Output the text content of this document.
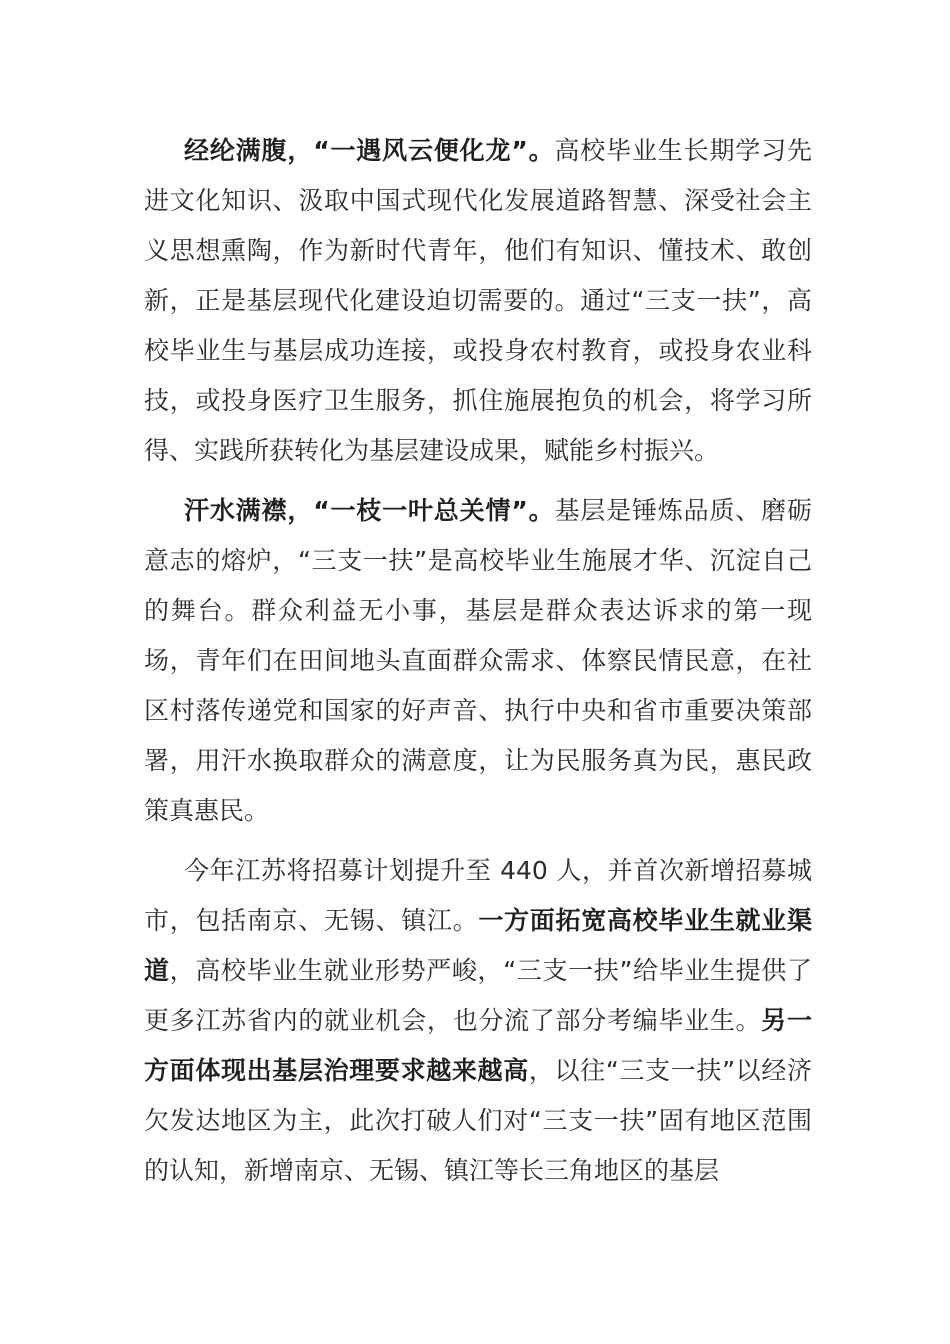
经纶满腹，“一遇风云便化龙”。高校毕业生长期学习先进文化知识、汲取中国式现代化发展道路智慧、深受社会主义思想熏陶，作为新时代青年，他们有知识、懂技术、敢创新，正是基层现代化建设迫切需要的。通过“三支一扶”，高校毕业生与基层成功连接，或投身农村教育，或投身农业科技，或投身医疗卫生服务，抓住施展抱负的机会，将学习所得、实践所获转化为基层建设成果，赋能乡村振兴。

汗水满襟，“一枝一叶总关情”。基层是锤炼品质、磨砺意志的熔炉，“三支一扶”是高校毕业生施展才华、沉淀自己的舞台。群众利益无小事，基层是群众表达诉求的第一现场，青年们在田间地头直面群众需求、体察民情民意，在社区村落传递党和国家的好声音、执行中央和省市重要决策部署，用汗水换取群众的满意度，让为民服务真为民，惠民政策真惠民。

今年江苏将招募计划提升至 440 人，并首次新增招募城市，包括南京、无锡、镇江。一方面拓宽高校毕业生就业渠道，高校毕业生就业形势严峻，“三支一扶”给毕业生提供了更多江苏省内的就业机会，也分流了部分考编毕业生。另一方面体现出基层治理要求越来越高，以往“三支一扶”以经济欠发达地区为主，此次打破人们对“三支一扶”固有地区范围的认知，新增南京、无锡、镇江等长三角地区的基层
